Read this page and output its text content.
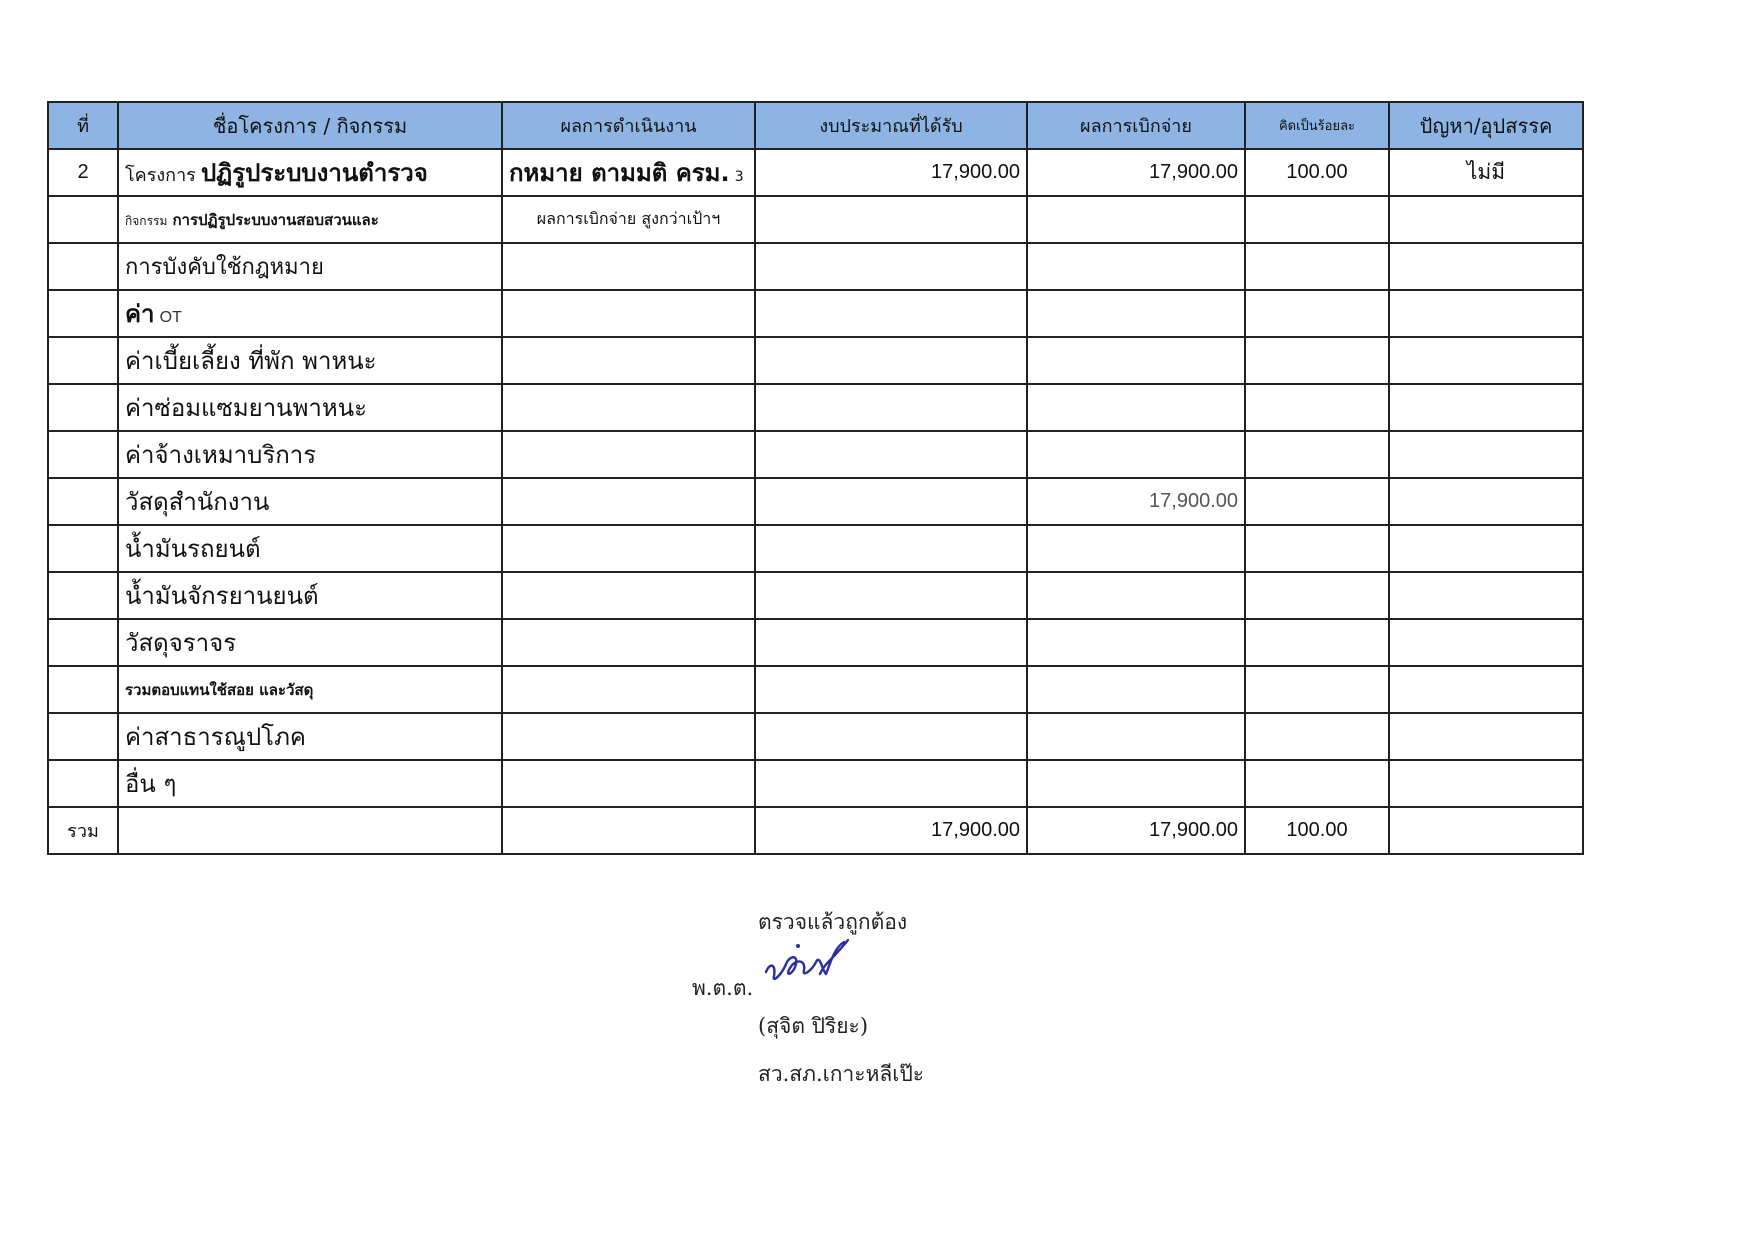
ที่	ชื่อโครงการ / กิจกรรม	ผลการดำเนินงาน	งบประมาณที่ได้รับ	ผลการเบิกจ่าย	คิดเป็นร้อยละ	ปัญหา/อุปสรรค
2	โครงการ ปฏิรูประบบงานตำรวจ	กหมาย ตามมติ ครม. 3	17,900.00	17,900.00	100.00	ไม่มี
	กิจกรรม การปฏิรูประบบงานสอบสวนและ	ผลการเบิกจ่าย สูงกว่าเป้าฯ				
	การบังคับใช้กฎหมาย					
	ค่า OT					
	ค่าเบี้ยเลี้ยง ที่พัก พาหนะ					
	ค่าซ่อมแซมยานพาหนะ					
	ค่าจ้างเหมาบริการ					
	วัสดุสำนักงาน			17,900.00		
	น้ำมันรถยนต์					
	น้ำมันจักรยานยนต์					
	วัสดุจราจร					
	รวมตอบแทนใช้สอย และวัสดุ					
	ค่าสาธารณูปโภค					
	อื่น ๆ					
รวม			17,900.00	17,900.00	100.00	
ตรวจแล้วถูกต้อง
พ.ต.ต.
(สุจิต ปิริยะ)
สว.สภ.เกาะหลีเป๊ะ
